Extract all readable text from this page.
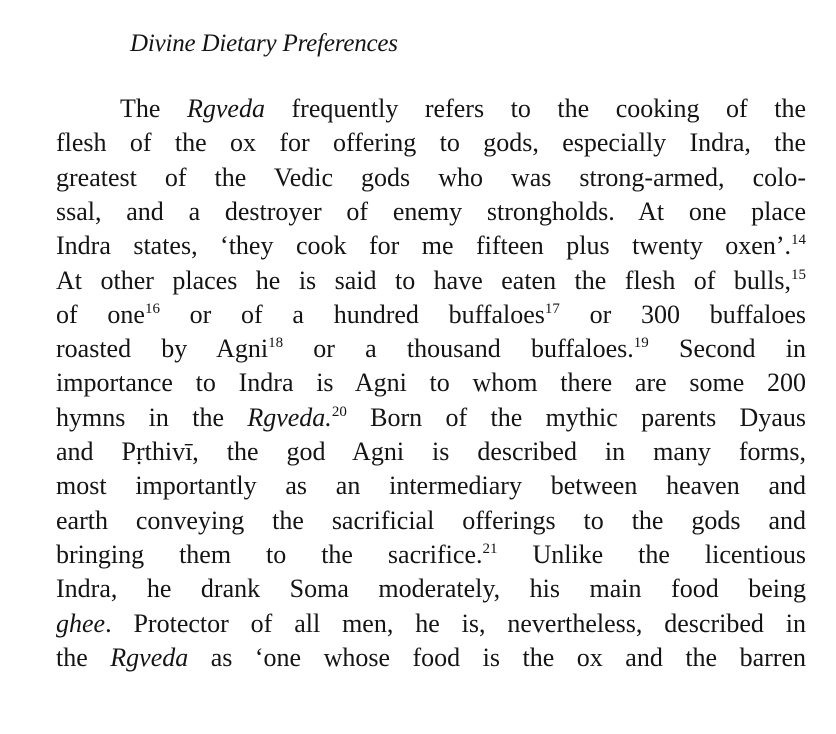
Divine Dietary Preferences
The Rgveda frequently refers to the cooking of the
flesh of the ox for offering to gods, especially Indra, the
greatest of the Vedic gods who was strong-armed, colo-
ssal, and a destroyer of enemy strongholds. At one place
Indra states, ‘they cook for me fifteen plus twenty oxen’.$^{14}$
At other places he is said to have eaten the flesh of bulls,$^{15}$
of one$^{16}$ or of a hundred buffaloes$^{17}$ or 300 buffaloes
roasted by Agni$^{18}$ or a thousand buffaloes.$^{19}$ Second in
importance to Indra is Agni to whom there are some 200
hymns in the Rgveda.$^{20}$ Born of the mythic parents Dyaus
and Pṛthivī, the god Agni is described in many forms,
most importantly as an intermediary between heaven and
earth conveying the sacrificial offerings to the gods and
bringing them to the sacrifice.$^{21}$ Unlike the licentious
Indra, he drank Soma moderately, his main food being
ghee. Protector of all men, he is, nevertheless, described in
the Rgveda as ‘one whose food is the ox and the barren
